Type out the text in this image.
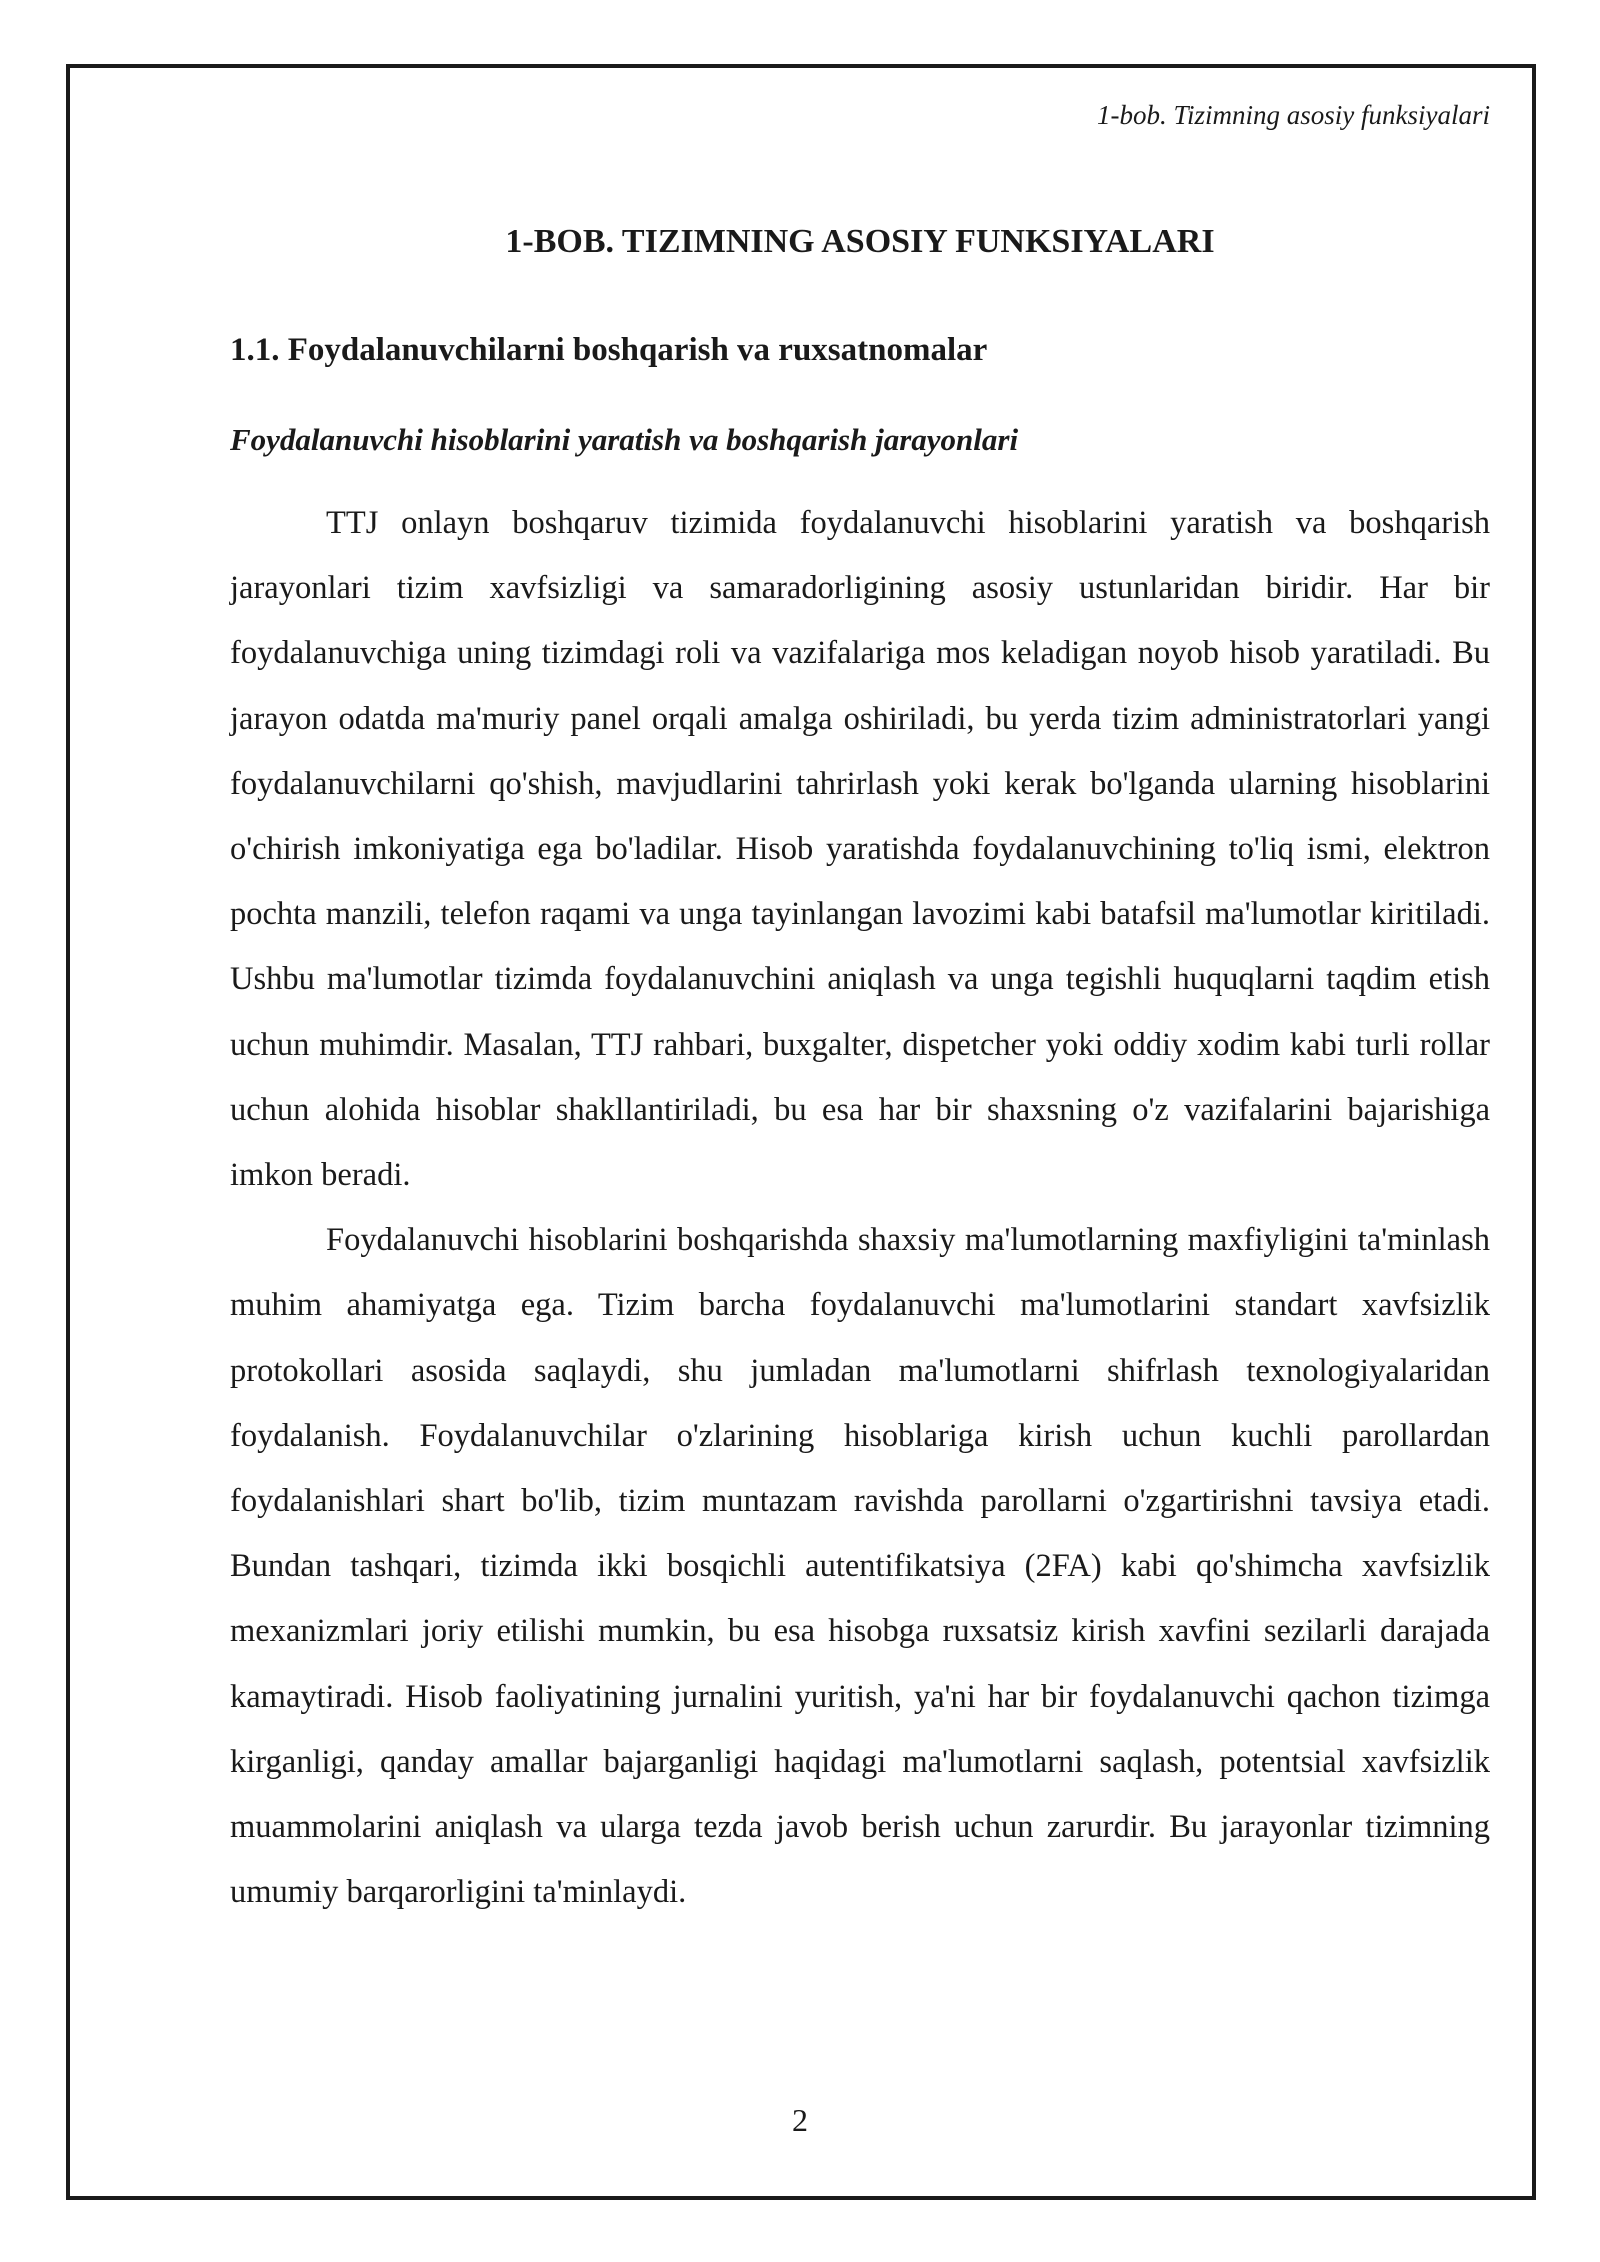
1-bob. Tizimning asosiy funksiyalari
1-BOB. TIZIMNING ASOSIY FUNKSIYALARI
1.1. Foydalanuvchilarni boshqarish va ruxsatnomalar
Foydalanuvchi hisoblarini yaratish va boshqarish jarayonlari

TTJ onlayn boshqaruv tizimida foydalanuvchi hisoblarini yaratish va boshqarish jarayonlari tizim xavfsizligi va samaradorligining asosiy ustunlaridan biridir. Har bir foydalanuvchiga uning tizimdagi roli va vazifalariga mos keladigan noyob hisob yaratiladi. Bu jarayon odatda ma'muriy panel orqali amalga oshiriladi, bu yerda tizim administratorlari yangi foydalanuvchilarni qo'shish, mavjudlarini tahrirlash yoki kerak bo'lganda ularning hisoblarini o'chirish imkoniyatiga ega bo'ladilar. Hisob yaratishda foydalanuvchining to'liq ismi, elektron pochta manzili, telefon raqami va unga tayinlangan lavozimi kabi batafsil ma'lumotlar kiritiladi. Ushbu ma'lumotlar tizimda foydalanuvchini aniqlash va unga tegishli huquqlarni taqdim etish uchun muhimdir. Masalan, TTJ rahbari, buxgalter, dispetcher yoki oddiy xodim kabi turli rollar uchun alohida hisoblar shakllantiriladi, bu esa har bir shaxsning o'z vazifalarini bajarishiga imkon beradi.

Foydalanuvchi hisoblarini boshqarishda shaxsiy ma'lumotlarning maxfiyligini ta'minlash muhim ahamiyatga ega. Tizim barcha foydalanuvchi ma'lumotlarini standart xavfsizlik protokollari asosida saqlaydi, shu jumladan ma'lumotlarni shifrlash texnologiyalaridan foydalanish. Foydalanuvchilar o'zlarining hisoblariga kirish uchun kuchli parollardan foydalanishlari shart bo'lib, tizim muntazam ravishda parollarni o'zgartirishni tavsiya etadi. Bundan tashqari, tizimda ikki bosqichli autentifikatsiya (2FA) kabi qo'shimcha xavfsizlik mexanizmlari joriy etilishi mumkin, bu esa hisobga ruxsatsiz kirish xavfini sezilarli darajada kamaytiradi. Hisob faoliyatining jurnalini yuritish, ya'ni har bir foydalanuvchi qachon tizimga kirganligi, qanday amallar bajarganligi haqidagi ma'lumotlarni saqlash, potentsial xavfsizlik muammolarini aniqlash va ularga tezda javob berish uchun zarurdir. Bu jarayonlar tizimning umumiy barqarorligini ta'minlaydi.

2
